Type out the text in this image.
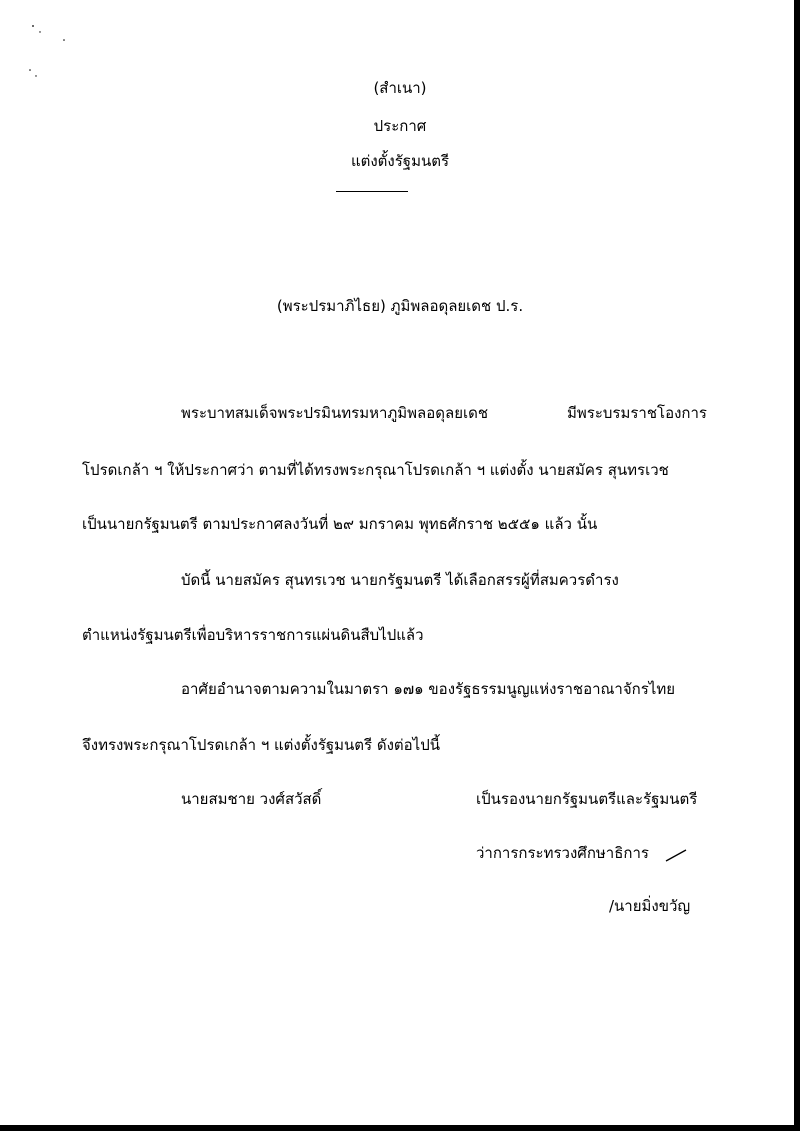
(สำเนา)
ประกาศ
แต่งตั้งรัฐมนตรี
(พระปรมาภิไธย) ภูมิพลอดุลยเดช ป.ร.
พระบาทสมเด็จพระปรมินทรมหาภูมิพลอดุลยเดช	มีพระบรมราชโองการ
โปรดเกล้า ฯ ให้ประกาศว่า ตามที่ได้ทรงพระกรุณาโปรดเกล้า ฯ แต่งตั้ง นายสมัคร สุนทรเวช
เป็นนายกรัฐมนตรี ตามประกาศลงวันที่ ๒๙ มกราคม พุทธศักราช ๒๕๕๑ แล้ว นั้น
บัดนี้ นายสมัคร สุนทรเวช นายกรัฐมนตรี ได้เลือกสรรผู้ที่สมควรดำรง
ตำแหน่งรัฐมนตรีเพื่อบริหารราชการแผ่นดินสืบไปแล้ว
อาศัยอำนาจตามความในมาตรา ๑๗๑ ของรัฐธรรมนูญแห่งราชอาณาจักรไทย
จึงทรงพระกรุณาโปรดเกล้า ฯ แต่งตั้งรัฐมนตรี ดังต่อไปนี้
นายสมชาย วงศ์สวัสดิ์	เป็นรองนายกรัฐมนตรีและรัฐมนตรี
ว่าการกระทรวงศึกษาธิการ
/นายมิ่งขวัญ
